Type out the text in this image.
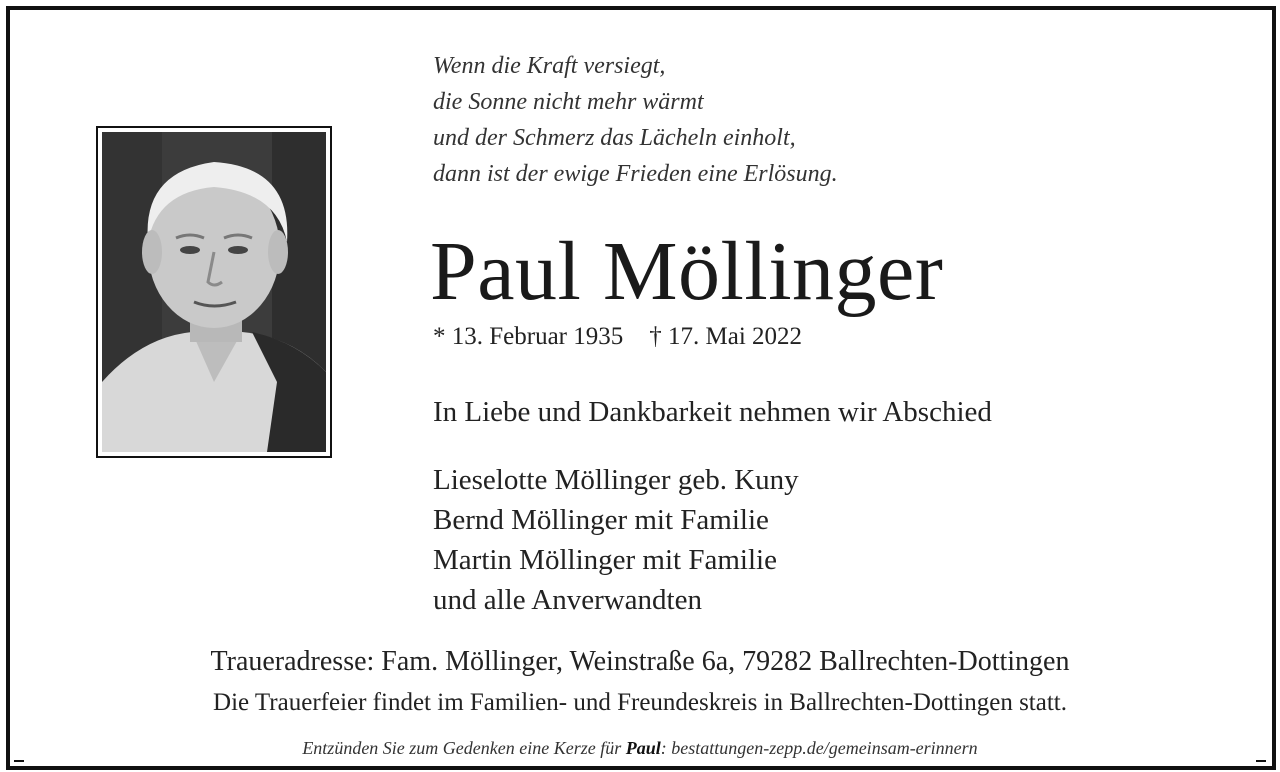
Wenn die Kraft versiegt,
die Sonne nicht mehr wärmt
und der Schmerz das Lächeln einholt,
dann ist der ewige Frieden eine Erlösung.
Paul Möllinger
* 13. Februar 1935 † 17. Mai 2022
In Liebe und Dankbarkeit nehmen wir Abschied
Lieselotte Möllinger geb. Kuny
Bernd Möllinger mit Familie
Martin Möllinger mit Familie
und alle Anverwandten
Traueradresse: Fam. Möllinger, Weinstraße 6a, 79282 Ballrechten-Dottingen
Die Trauerfeier findet im Familien- und Freundeskreis in Ballrechten-Dottingen statt.
Entzünden Sie zum Gedenken eine Kerze für Paul: bestattungen-zepp.de/gemeinsam-erinnern
